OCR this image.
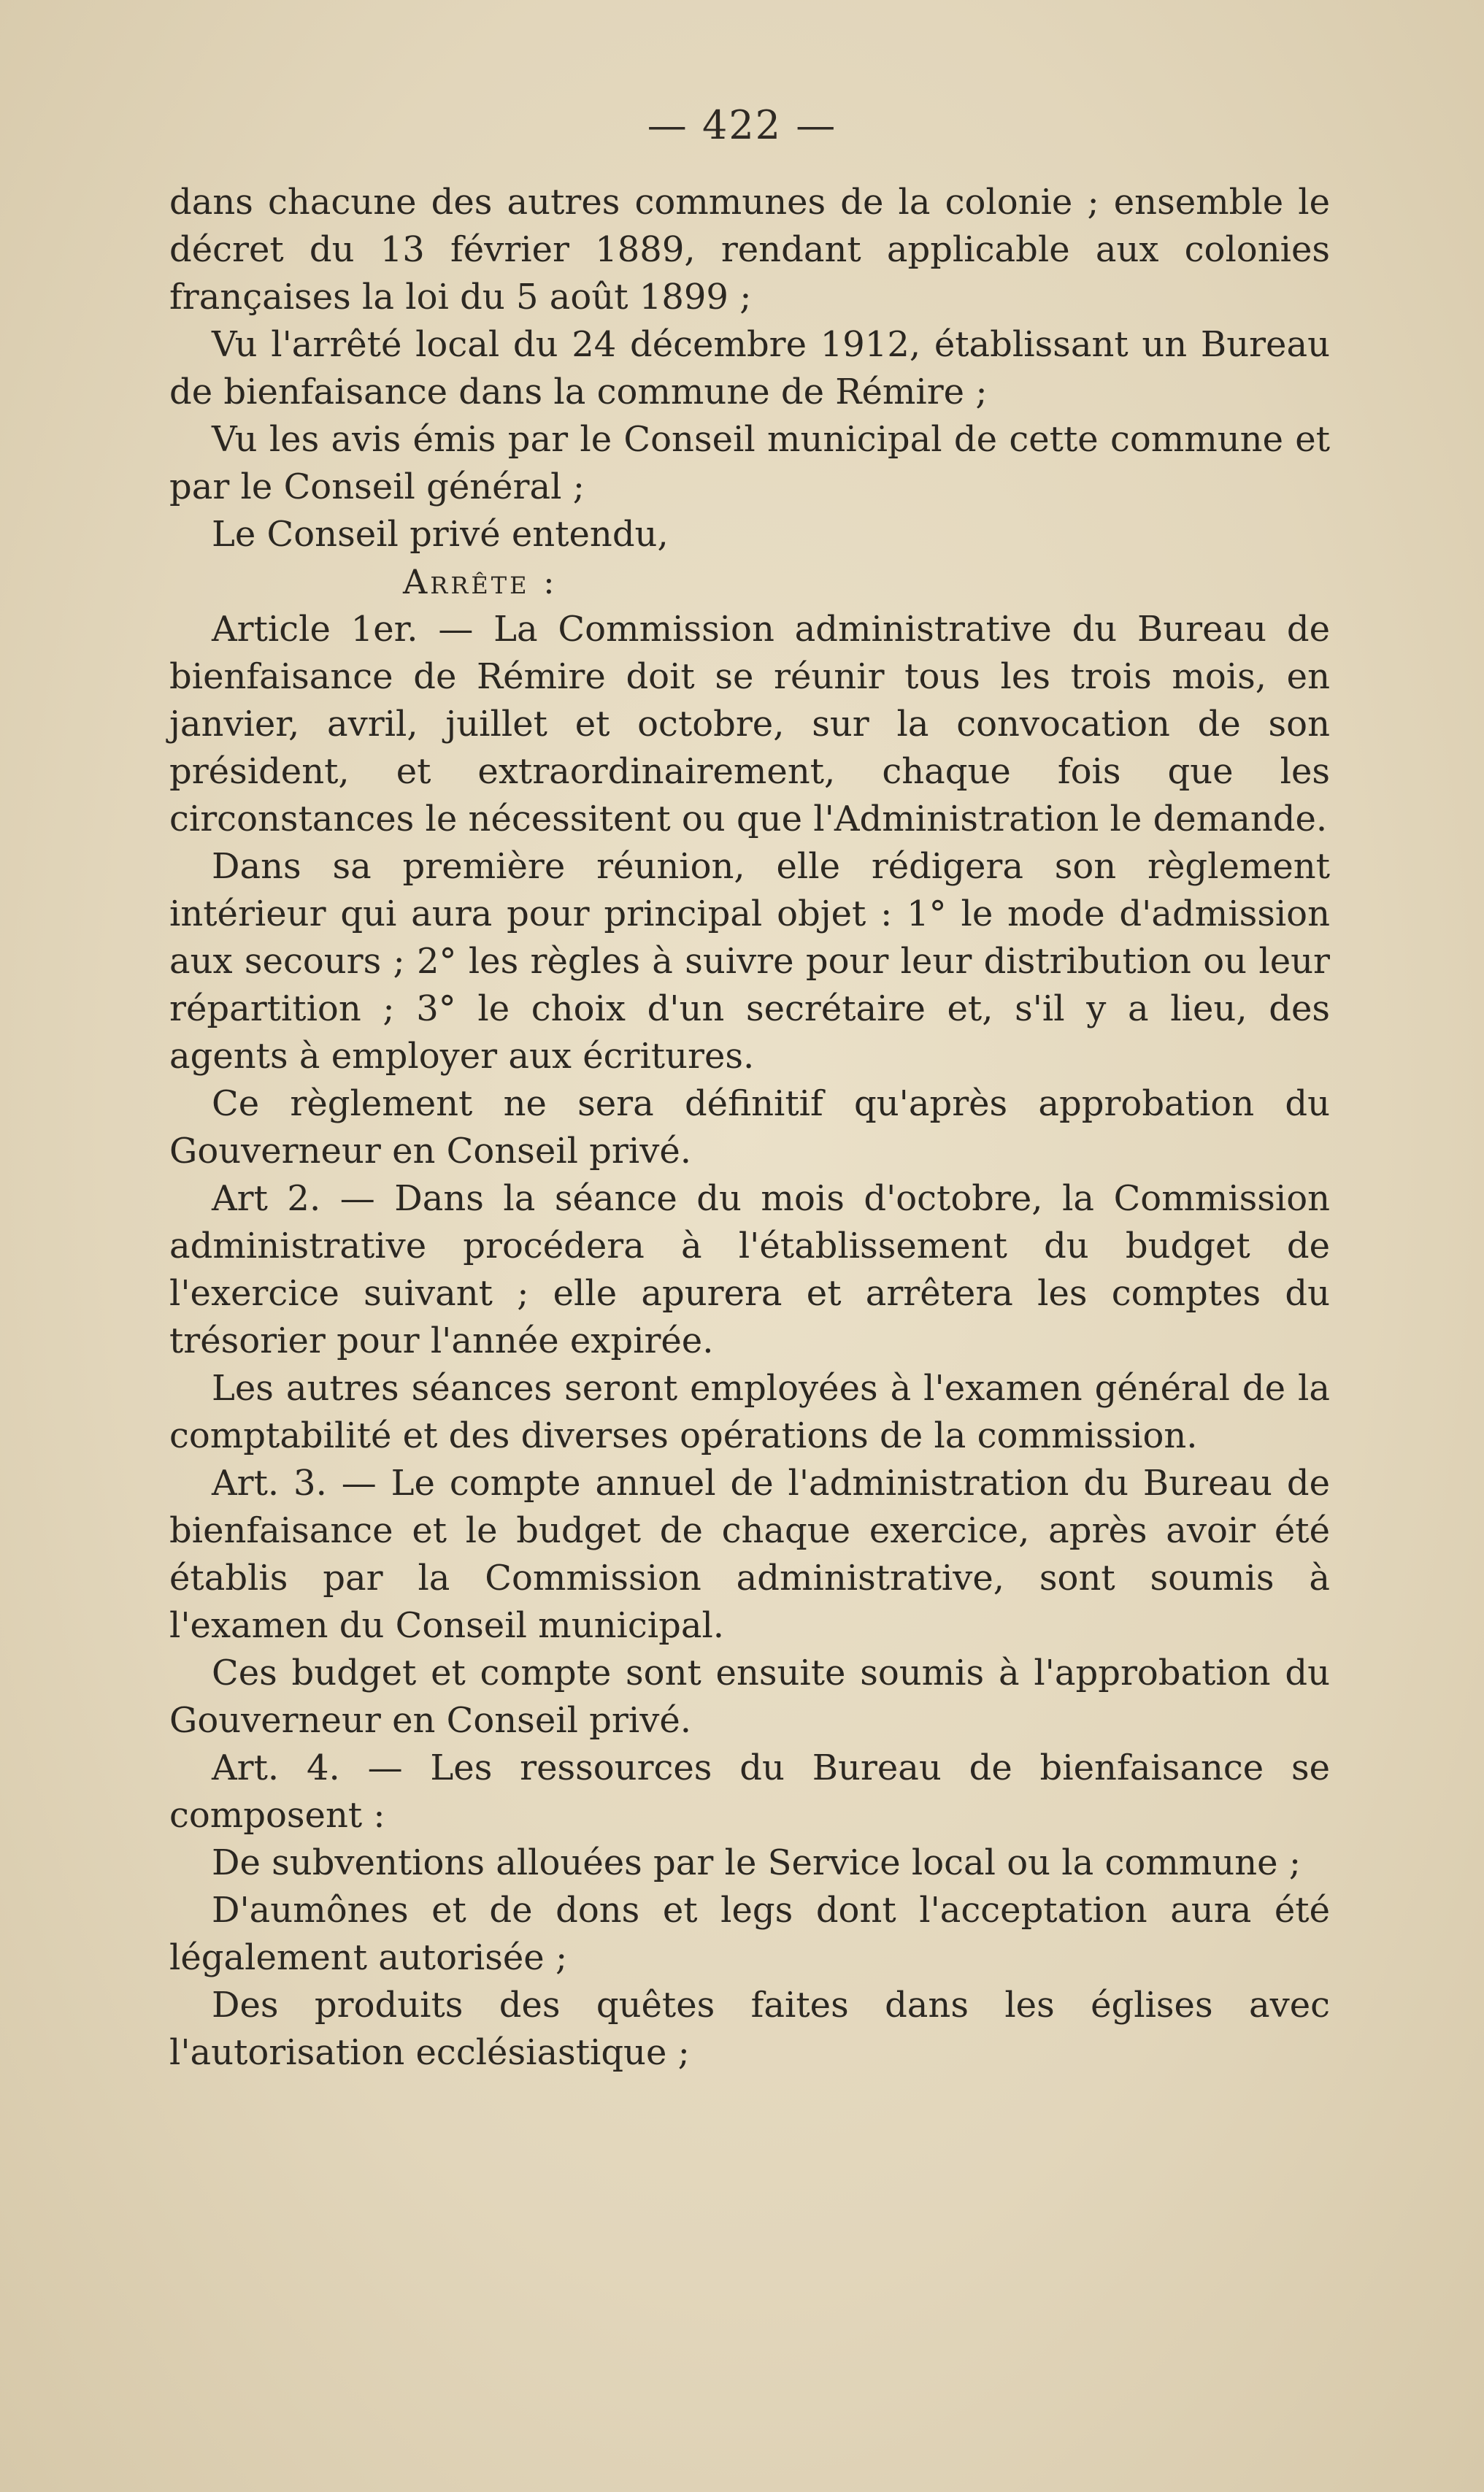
— 422 —

dans chacune des autres communes de la colonie ; ensemble le décret du 13 février 1889, rendant applicable aux colonies françaises la loi du 5 août 1899 ;

Vu l'arrêté local du 24 décembre 1912, établissant un Bureau de bienfaisance dans la commune de Rémire ;

Vu les avis émis par le Conseil municipal de cette commune et par le Conseil général ;

Le Conseil privé entendu,

Arrête :

Article 1er. — La Commission administrative du Bureau de bienfaisance de Rémire doit se réunir tous les trois mois, en janvier, avril, juillet et octobre, sur la convocation de son président, et extraordinairement, chaque fois que les circonstances le nécessitent ou que l'Administration le demande.

Dans sa première réunion, elle rédigera son règlement intérieur qui aura pour principal objet : 1° le mode d'admission aux secours ; 2° les règles à suivre pour leur distribution ou leur répartition ; 3° le choix d'un secrétaire et, s'il y a lieu, des agents à employer aux écritures.

Ce règlement ne sera définitif qu'après approbation du Gouverneur en Conseil privé.

Art 2. — Dans la séance du mois d'octobre, la Commission administrative procédera à l'établissement du budget de l'exercice suivant ; elle apurera et arrêtera les comptes du trésorier pour l'année expirée.

Les autres séances seront employées à l'examen général de la comptabilité et des diverses opérations de la commission.

Art. 3. — Le compte annuel de l'administration du Bureau de bienfaisance et le budget de chaque exercice, après avoir été établis par la Commission administrative, sont soumis à l'examen du Conseil municipal.

Ces budget et compte sont ensuite soumis à l'approbation du Gouverneur en Conseil privé.

Art. 4. — Les ressources du Bureau de bienfaisance se composent :

De subventions allouées par le Service local ou la commune ;

D'aumônes et de dons et legs dont l'acceptation aura été légalement autorisée ;

Des produits des quêtes faites dans les églises avec l'autorisation ecclésiastique ;
